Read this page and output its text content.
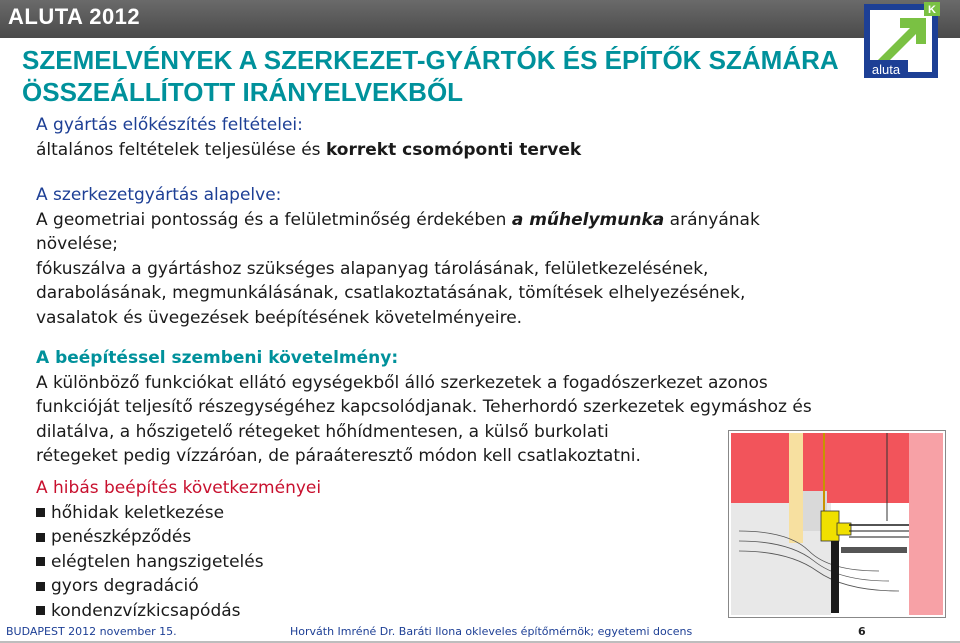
ALUTA 2012	K
aluta
SZEMELVÉNYEK A SZERKEZET-GYÁRTÓK ÉS ÉPÍTŐK SZÁMÁRA
ÖSSZEÁLLÍTOTT IRÁNYELVEKBŐL
A gyártás előkészítés feltételei:
általános feltételek teljesülése és korrekt csomóponti tervek
A szerkezetgyártás alapelve:
A geometriai pontosság és a felületminőség érdekében a műhelymunka arányának
növelése;
fókuszálva a gyártáshoz szükséges alapanyag tárolásának, felületkezelésének,
darabolásának, megmunkálásának, csatlakoztatásának, tömítések elhelyezésének,
vasalatok és üvegezések beépítésének követelményeire.
A beépítéssel szembeni követelmény:
A különböző funkciókat ellátó egységekből álló szerkezetek a fogadószerkezet azonos
funkcióját teljesítő részegységéhez kapcsolódjanak. Teherhordó szerkezetek egymáshoz és
dilatálva, a hőszigetelő rétegeket hőhídmentesen, a külső burkolati
rétegeket pedig vízzáróan, de páraáteresztő módon kell csatlakoztatni.
A hibás beépítés következményei
hőhidak keletkezése
penészképződés
elégtelen hangszigetelés
gyors degradáció
kondenzvízkicsapódás
BUDAPEST 2012 november 15.	Horváth Imréné Dr. Baráti Ilona okleveles építőmérnök; egyetemi docens	6
